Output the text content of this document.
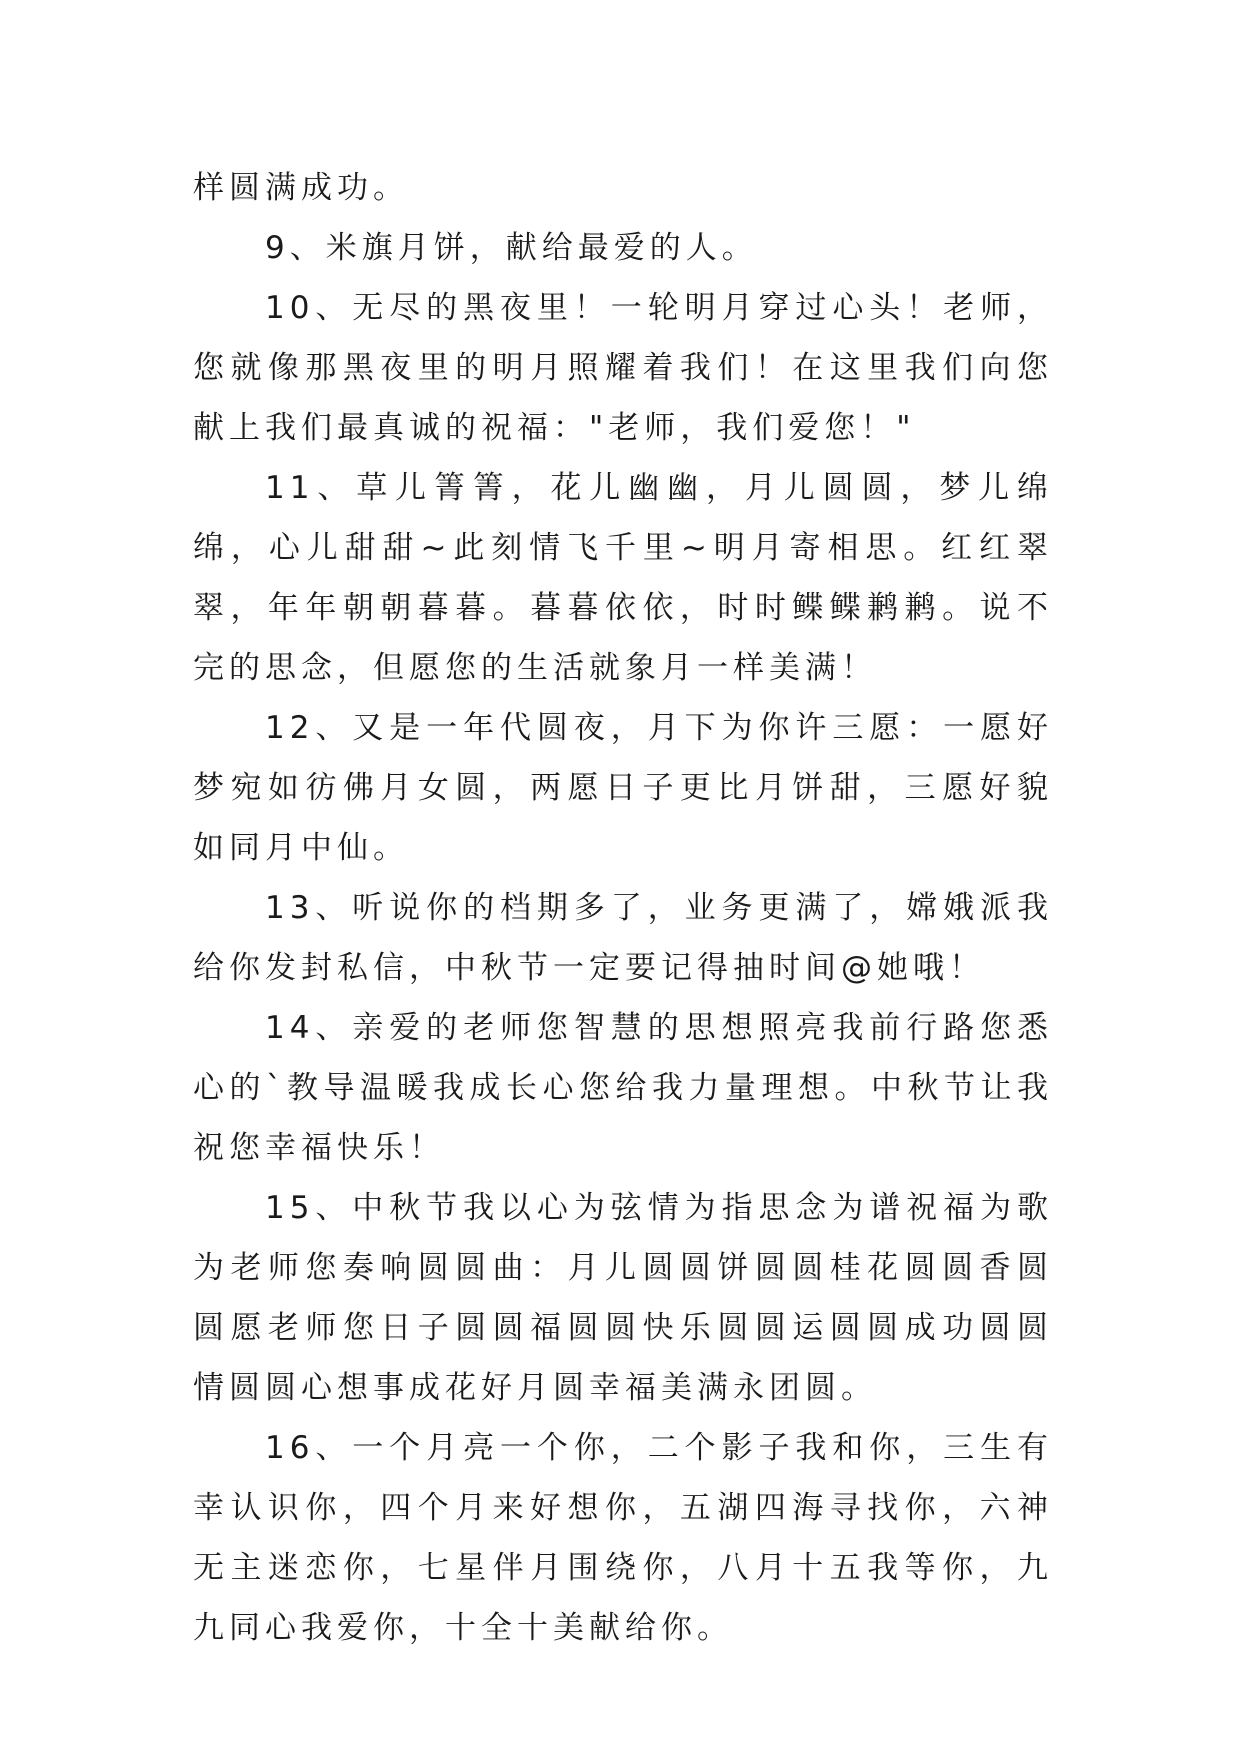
样圆满成功。

9、米旗月饼，献给最爱的人。

10、无尽的黑夜里！一轮明月穿过心头！老师，您就像那黑夜里的明月照耀着我们！在这里我们向您献上我们最真诚的祝福："老师，我们爱您！"

11、草儿箐箐，花儿幽幽，月儿圆圆，梦儿绵绵，心儿甜甜~此刻情飞千里~明月寄相思。红红翠翠，年年朝朝暮暮。暮暮依依，时时鲽鲽鹣鹣。说不完的思念，但愿您的生活就象月一样美满！

12、又是一年代圆夜，月下为你许三愿：一愿好梦宛如彷佛月女圆，两愿日子更比月饼甜，三愿好貌如同月中仙。

13、听说你的档期多了，业务更满了，嫦娥派我给你发封私信，中秋节一定要记得抽时间@她哦！

14、亲爱的老师您智慧的思想照亮我前行路您悉心的`教导温暖我成长心您给我力量理想。中秋节让我祝您幸福快乐！

15、中秋节我以心为弦情为指思念为谱祝福为歌为老师您奏响圆圆曲：月儿圆圆饼圆圆桂花圆圆香圆圆愿老师您日子圆圆福圆圆快乐圆圆运圆圆成功圆圆情圆圆心想事成花好月圆幸福美满永团圆。

16、一个月亮一个你，二个影子我和你，三生有幸认识你，四个月来好想你，五湖四海寻找你，六神无主迷恋你，七星伴月围绕你，八月十五我等你，九九同心我爱你，十全十美献给你。
